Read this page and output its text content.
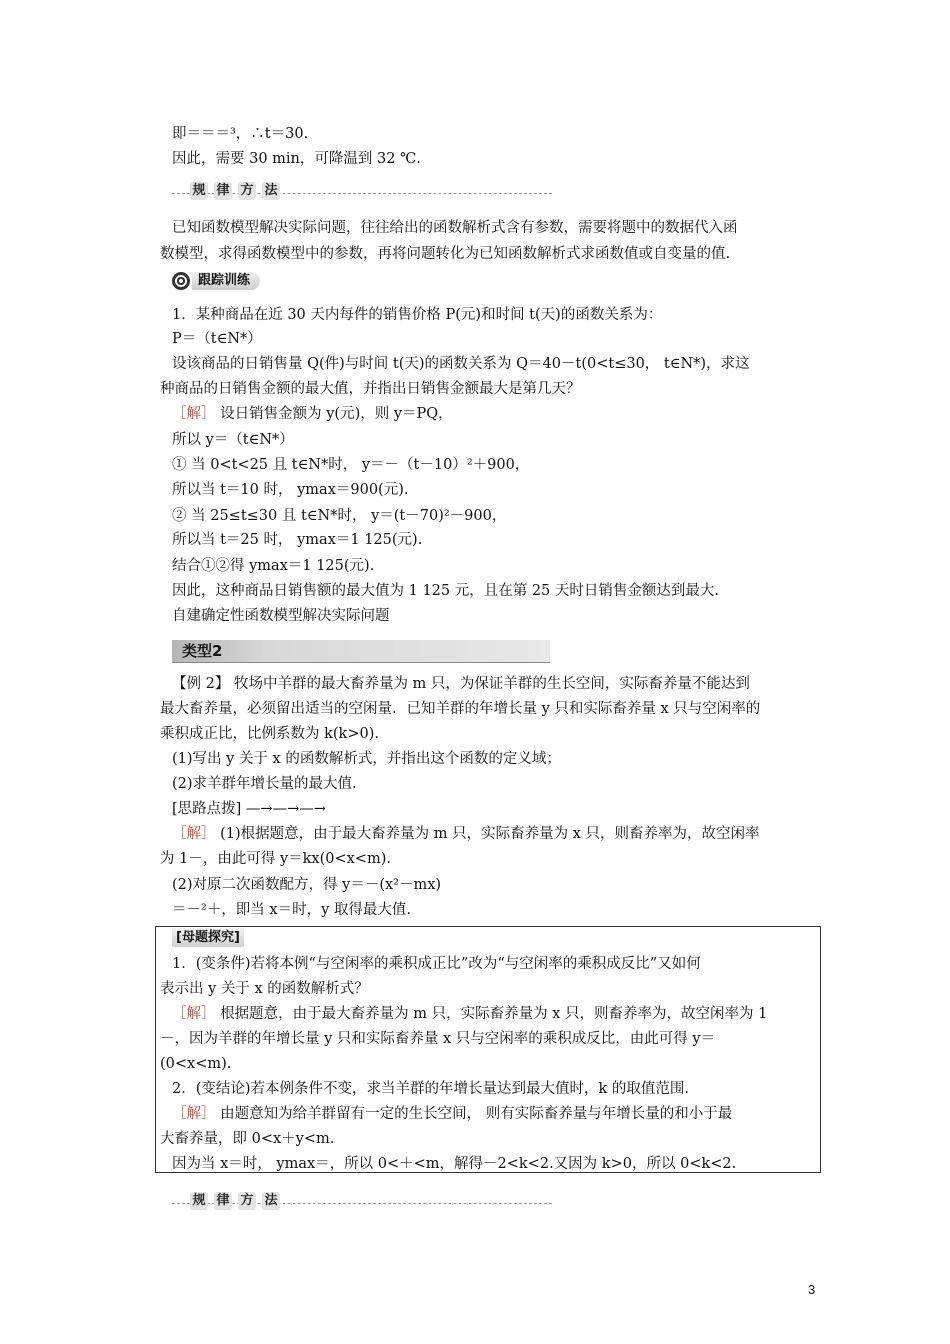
即＝＝＝³，∴t＝30.
因此，需要 30 min，可降温到 32 ℃.
规 律 方 法
已知函数模型解决实际问题，往往给出的函数解析式含有参数，需要将题中的数据代入函
数模型，求得函数模型中的参数，再将问题转化为已知函数解析式求函数值或自变量的值.
跟踪训练
1．某种商品在近 30 天内每件的销售价格 P(元)和时间 t(天)的函数关系为：
P＝（t∈N*）
设该商品的日销售量 Q(件)与时间 t(天)的函数关系为 Q＝40－t(0<t≤30， t∈N*)，求这
种商品的日销售金额的最大值，并指出日销售金额最大是第几天？
［解］ 设日销售金额为 y(元)，则 y＝PQ，
所以 y＝（t∈N*）
① 当 0<t<25 且 t∈N*时， y＝－（t－10）²＋900，
所以当 t＝10 时， ymax＝900(元).
② 当 25≤t≤30 且 t∈N*时， y＝(t－70)²－900，
所以当 t＝25 时， ymax＝1 125(元).
结合①②得 ymax＝1 125(元).
因此，这种商品日销售额的最大值为 1 125 元，且在第 25 天时日销售金额达到最大.
自建确定性函数模型解决实际问题
类型2
【例 2】 牧场中羊群的最大畜养量为 m 只，为保证羊群的生长空间，实际畜养量不能达到
最大畜养量，必须留出适当的空闲量．已知羊群的年增长量 y 只和实际畜养量 x 只与空闲率的
乘积成正比，比例系数为 k(k>0).
(1)写出 y 关于 x 的函数解析式，并指出这个函数的定义域；
(2)求羊群年增长量的最大值.
[思路点拨] —→—→—→
［解］ (1)根据题意，由于最大畜养量为 m 只，实际畜养量为 x 只，则畜养率为，故空闲率
为 1－，由此可得 y＝kx(0<x<m).
(2)对原二次函数配方，得 y＝－(x²－mx)
＝－²＋，即当 x＝时，y 取得最大值.
[母题探究]
1．(变条件)若将本例“与空闲率的乘积成正比”改为“与空闲率的乘积成反比”又如何
表示出 y 关于 x 的函数解析式？
［解］ 根据题意，由于最大畜养量为 m 只，实际畜养量为 x 只，则畜养率为，故空闲率为 1
－，因为羊群的年增长量 y 只和实际畜养量 x 只与空闲率的乘积成反比，由此可得 y＝
(0<x<m).
2．(变结论)若本例条件不变，求当羊群的年增长量达到最大值时，k 的取值范围.
［解］ 由题意知为给羊群留有一定的生长空间， 则有实际畜养量与年增长量的和小于最
大畜养量，即 0<x＋y<m.
因为当 x＝时， ymax＝，所以 0<＋<m，解得－2<k<2.又因为 k>0，所以 0<k<2.
规 律 方 法
3
